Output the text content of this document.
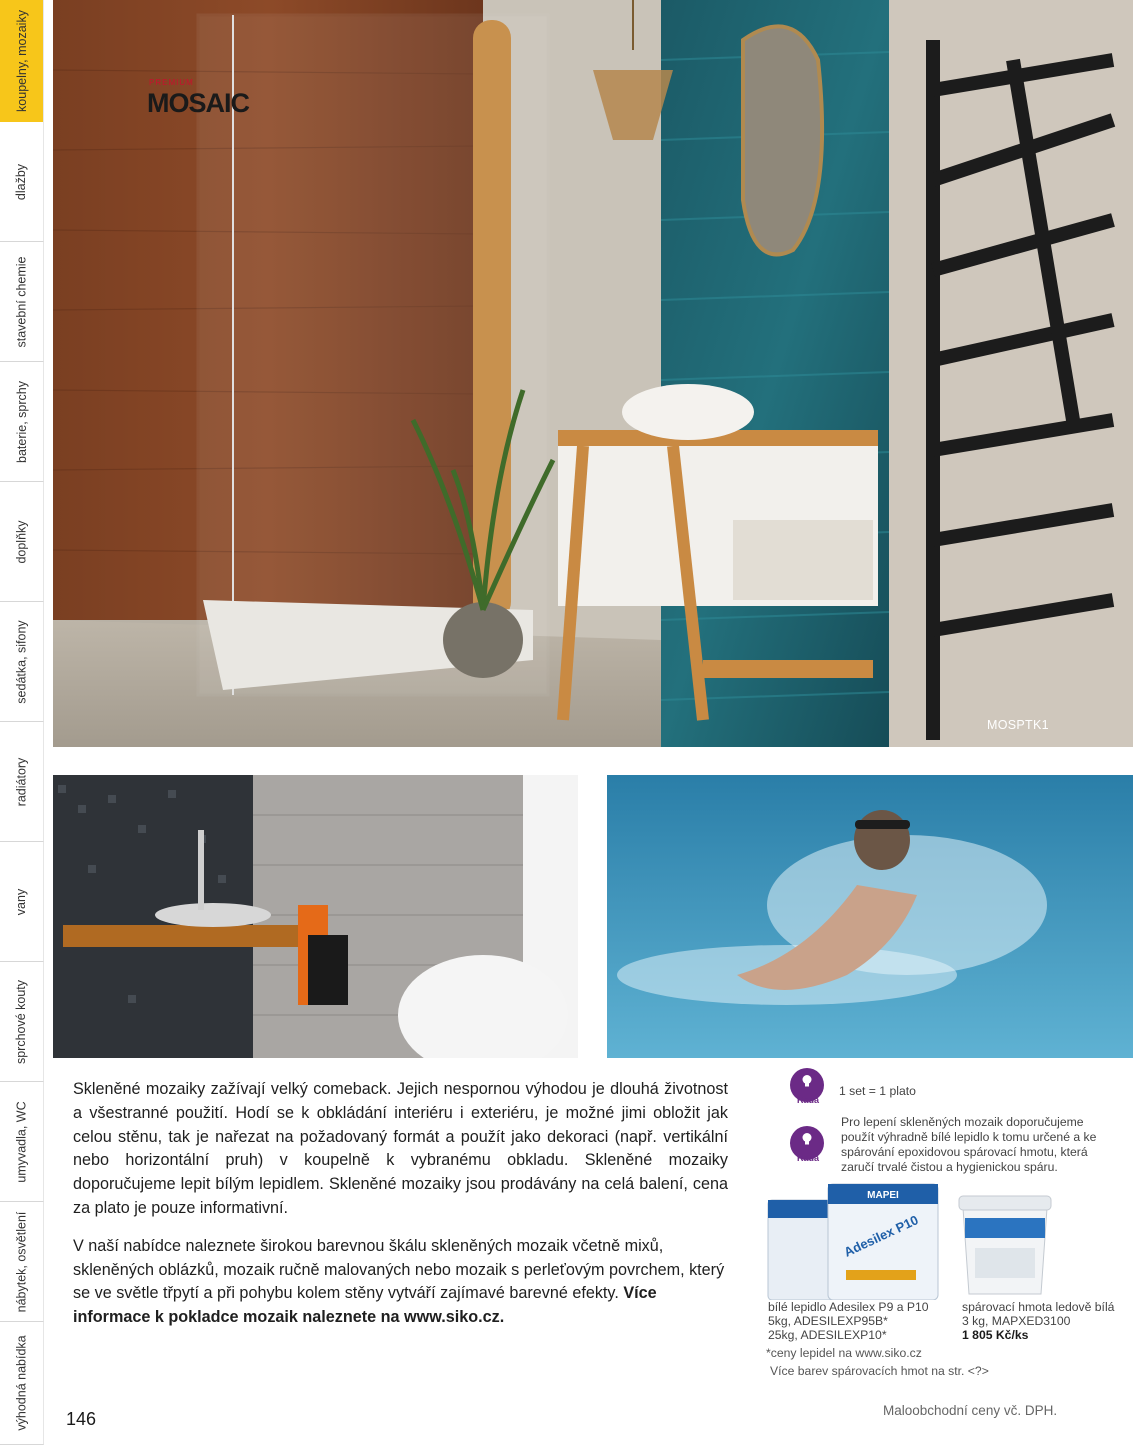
koupelny, mozaiky
dlažby
stavební chemie
baterie, sprchy
doplňky
sedátka, sifony
radiátory
vany
sprchové kouty
umyvadla, WC
nábytek, osvětlení
výhodná nabídka
PREMIUM
MOSAIC
MOSPTK1

Skleněné mozaiky zažívají velký comeback. Jejich nespornou výhodou je dlouhá životnost a všestranné použití. Hodí se k obkládání interiéru i exteriéru, je možné jimi obložit jak celou stěnu, tak je nařezat na požadovaný formát a použít jako dekoraci (např. vertikální nebo horizontální pruh) v koupelně k vybranému obkladu. Skleněné mozaiky doporučujeme lepit bílým lepidlem. Skleněné mozaiky jsou prodávány na celá balení, cena za plato je pouze informativní.

V naší nabídce naleznete širokou barevnou škálu skleněných mozaik včetně mixů, skleněných oblázků, mozaik ručně malovaných nebo mozaik s perleťovým povrchem, který se ve světle třpytí a při pohybu kolem stěny vytváří zajímavé barevné efekty. Více informace k pokladce mozaik naleznete na www.siko.cz.

Rada
1 set = 1 plato
Rada
Pro lepení skleněných mozaik doporučujeme použít výhradně bílé lepidlo k tomu určené a ke spárování epoxidovou spárovací hmotu, která zaručí trvalé čistou a hygienickou spáru.
Adesilex P10
MAPEI
bílé lepidlo Adesilex P9 a P10
5kg, ADESILEXP95B*
25kg, ADESILEXP10*
spárovací hmota ledově bílá
3 kg, MAPXED3100
1 805 Kč/ks
*ceny lepidel na www.siko.cz
Více barev spárovacích hmot na str. <?>
146	Maloobchodní ceny vč. DPH.
